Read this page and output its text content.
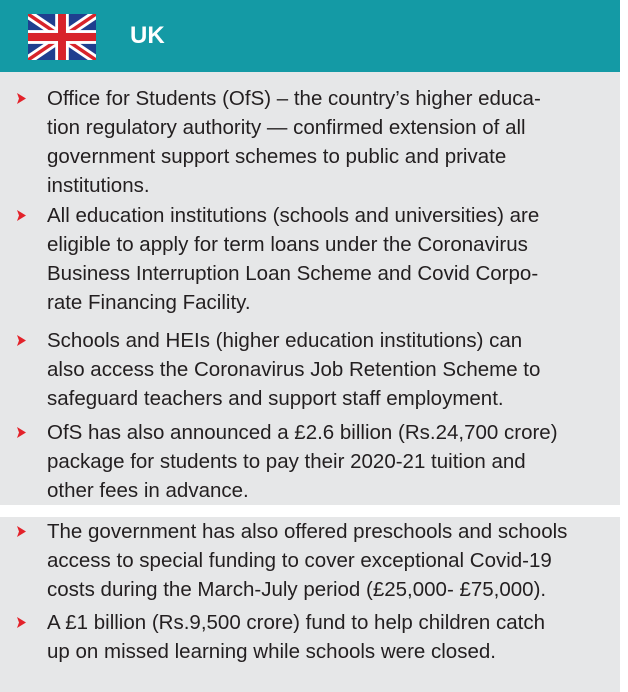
UK

Office for Students (OfS) – the country’s higher educa-
tion regulatory authority — confirmed extension of all
government support schemes to public and private
institutions.

All education institutions (schools and universities) are
eligible to apply for term loans under the Coronavirus
Business Interruption Loan Scheme and Covid Corpo-
rate Financing Facility.

Schools and HEIs (higher education institutions) can
also access the Coronavirus Job Retention Scheme to
safeguard teachers and support staff employment.

OfS has also announced a £2.6 billion (Rs.24,700 crore)
package for students to pay their 2020-21 tuition and
other fees in advance.

The government has also offered preschools and schools
access to special funding to cover exceptional Covid-19
costs during the March-July period (£25,000- £75,000).

A £1 billion (Rs.9,500 crore) fund to help children catch
up on missed learning while schools were closed.
